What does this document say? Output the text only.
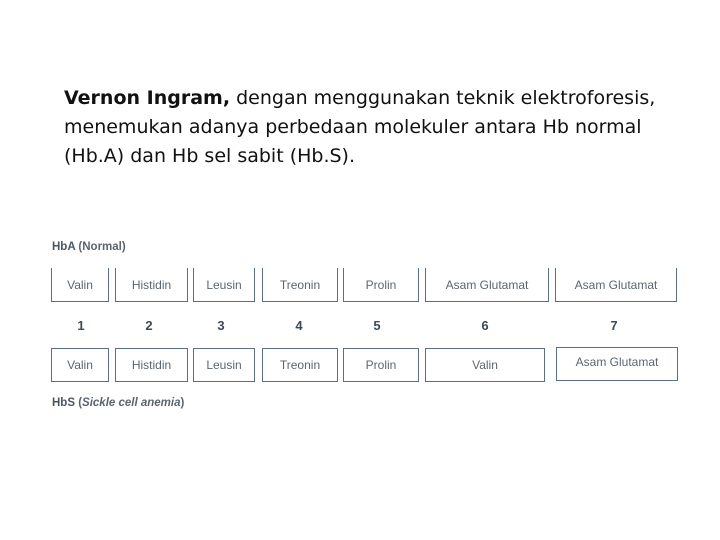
Vernon Ingram, dengan menggunakan teknik elektroforesis,
menemukan adanya perbedaan molekuler antara Hb normal
(Hb.A) dan Hb sel sabit (Hb.S).
HbA (Normal)
Valin	Histidin	Leusin	Treonin	Prolin	Asam Glutamat	Asam Glutamat
1	2	3	4	5	6	7
Valin	Histidin	Leusin	Treonin	Prolin	Valin	Asam Glutamat
HbS (Sickle cell anemia)
